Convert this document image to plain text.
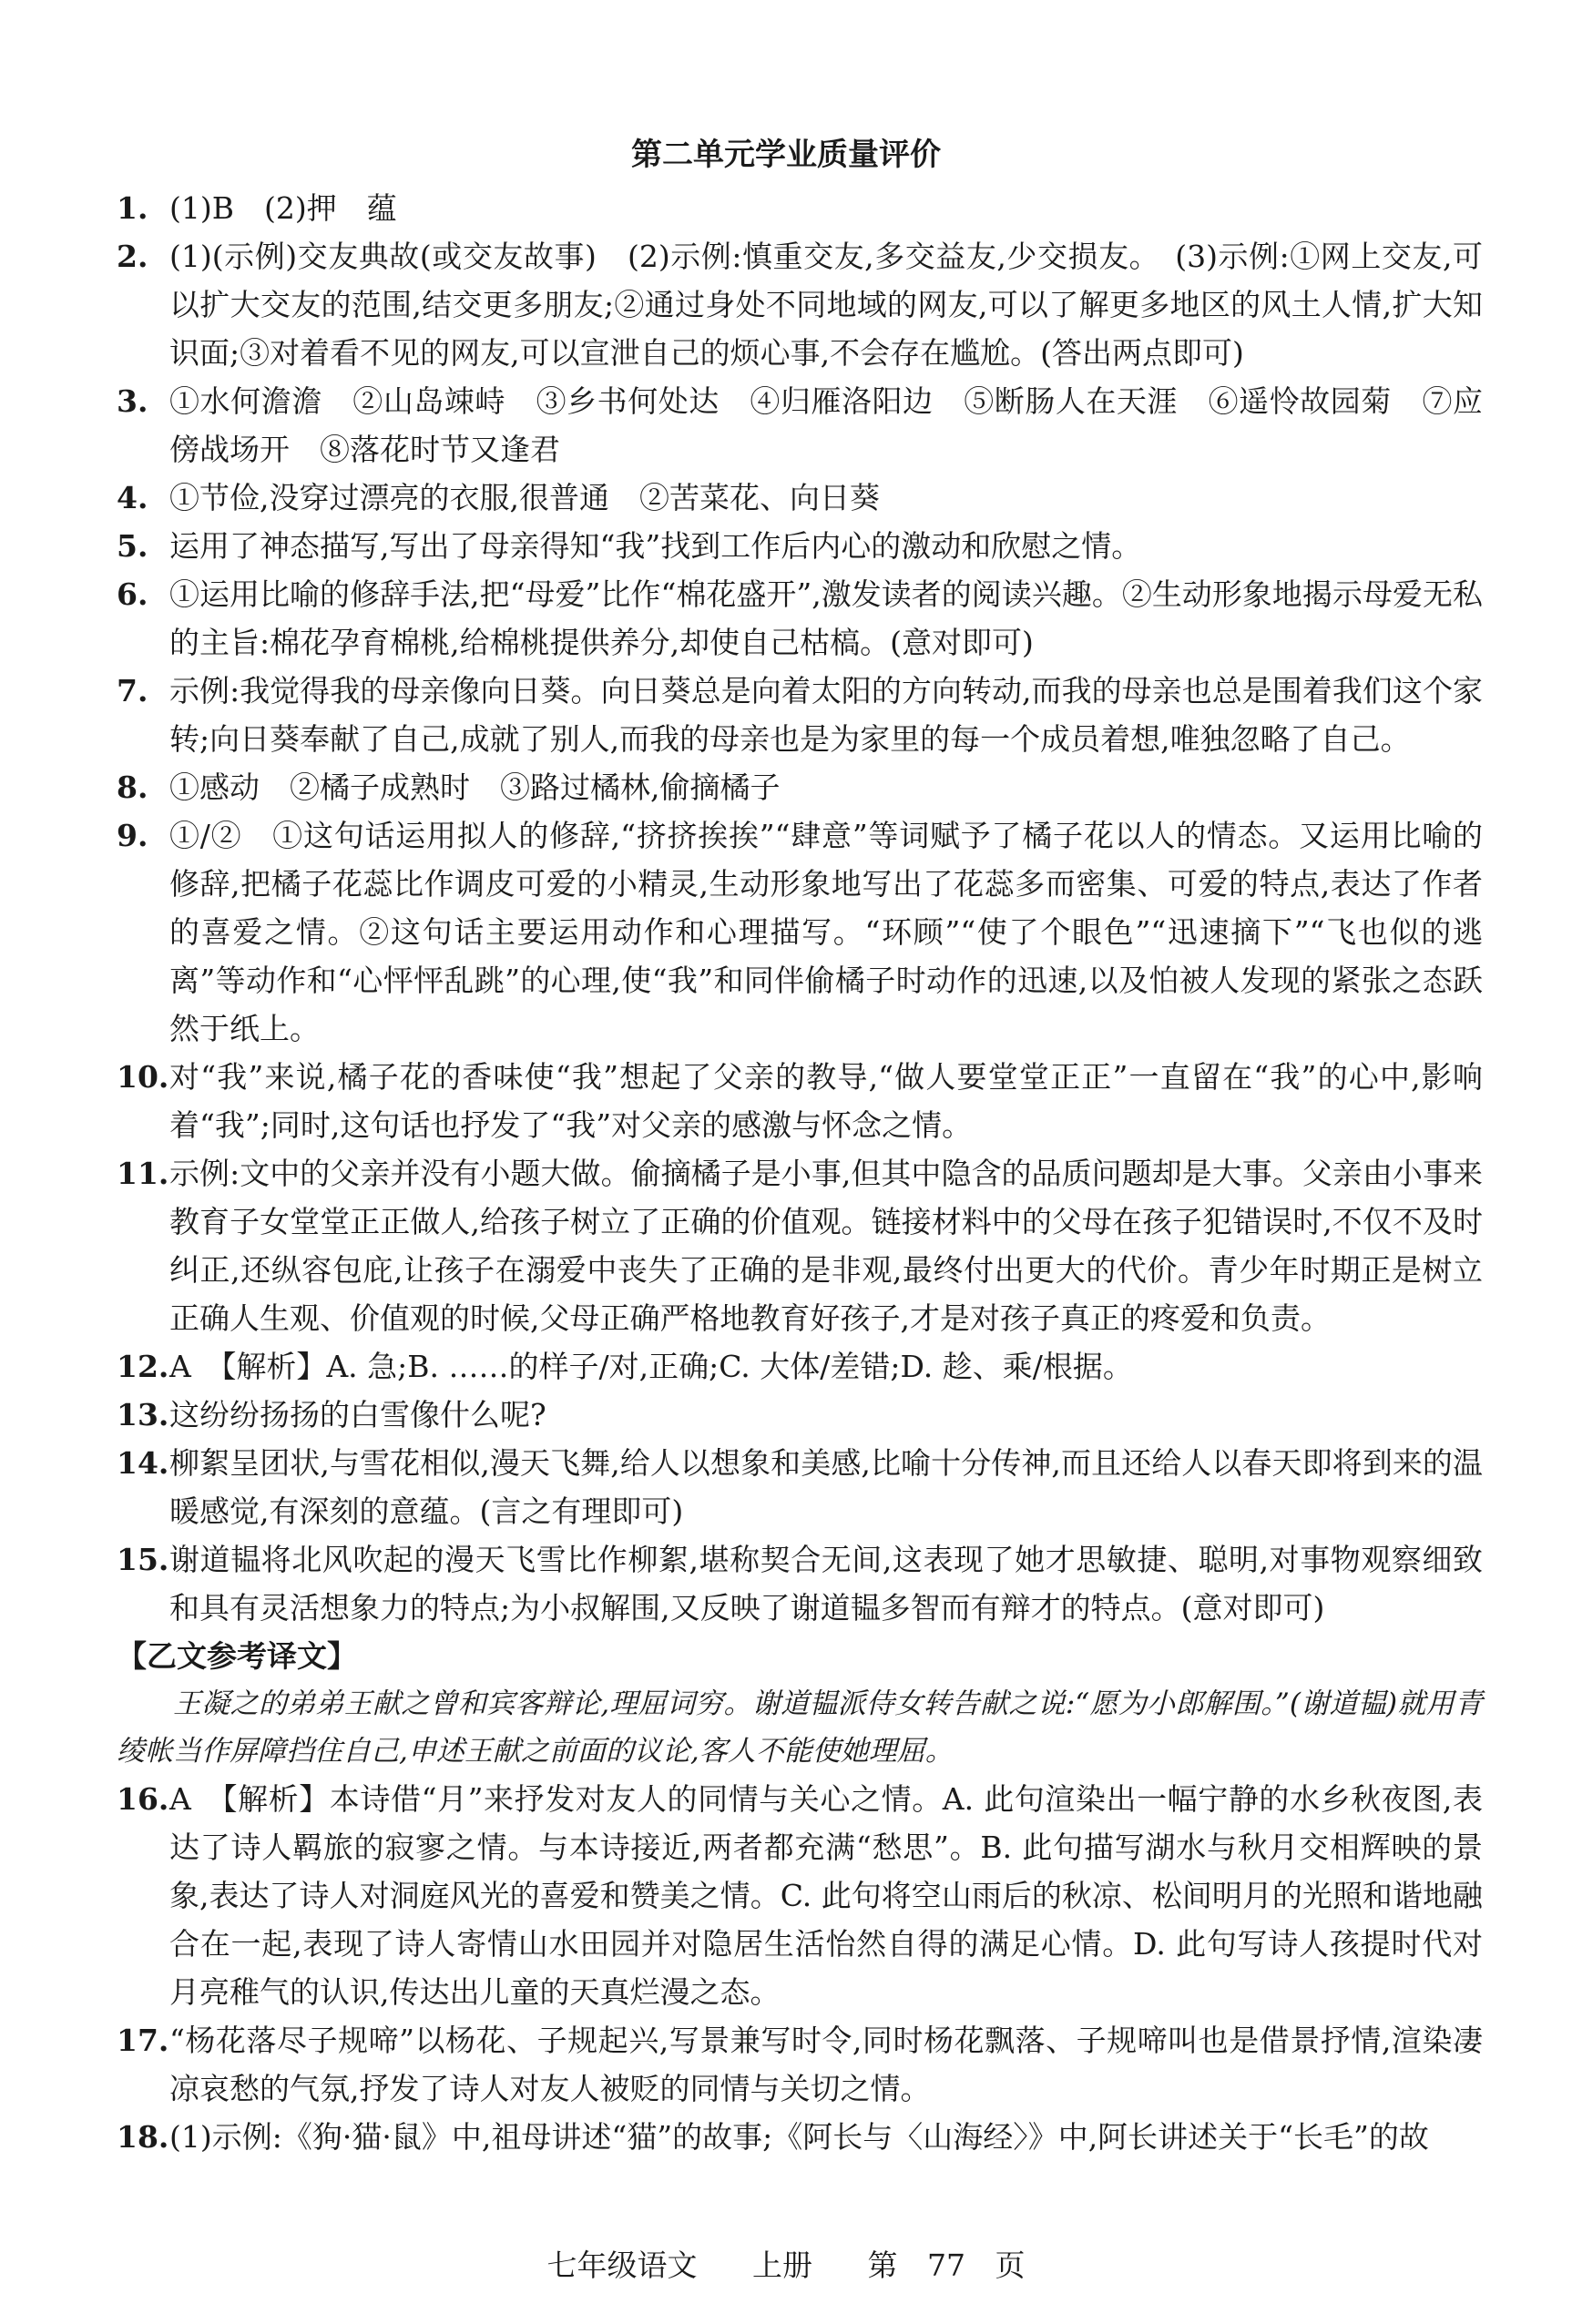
第二单元学业质量评价
1. (1)B　(2)押　蕴
2. (1)(示例)交友典故(或交友故事)　(2)示例:慎重交友,多交益友,少交损友。　(3)示例:①网上交友,可以扩大交友的范围,结交更多朋友;②通过身处不同地域的网友,可以了解更多地区的风土人情,扩大知识面;③对着看不见的网友,可以宣泄自己的烦心事,不会存在尴尬。(答出两点即可)
3. ①水何澹澹　②山岛竦峙　③乡书何处达　④归雁洛阳边　⑤断肠人在天涯　⑥遥怜故园菊　⑦应傍战场开　⑧落花时节又逢君
4. ①节俭,没穿过漂亮的衣服,很普通　②苦菜花、向日葵
5. 运用了神态描写,写出了母亲得知“我”找到工作后内心的激动和欣慰之情。
6. ①运用比喻的修辞手法,把“母爱”比作“棉花盛开”,激发读者的阅读兴趣。②生动形象地揭示母爱无私的主旨:棉花孕育棉桃,给棉桃提供养分,却使自己枯槁。(意对即可)
7. 示例:我觉得我的母亲像向日葵。向日葵总是向着太阳的方向转动,而我的母亲也总是围着我们这个家转;向日葵奉献了自己,成就了别人,而我的母亲也是为家里的每一个成员着想,唯独忽略了自己。
8. ①感动　②橘子成熟时　③路过橘林,偷摘橘子
9. ①/②　①这句话运用拟人的修辞,“挤挤挨挨”“肆意”等词赋予了橘子花以人的情态。又运用比喻的修辞,把橘子花蕊比作调皮可爱的小精灵,生动形象地写出了花蕊多而密集、可爱的特点,表达了作者的喜爱之情。②这句话主要运用动作和心理描写。“环顾”“使了个眼色”“迅速摘下”“飞也似的逃离”等动作和“心怦怦乱跳”的心理,使“我”和同伴偷橘子时动作的迅速,以及怕被人发现的紧张之态跃然于纸上。
10. 对“我”来说,橘子花的香味使“我”想起了父亲的教导,“做人要堂堂正正”一直留在“我”的心中,影响着“我”;同时,这句话也抒发了“我”对父亲的感激与怀念之情。
11. 示例:文中的父亲并没有小题大做。偷摘橘子是小事,但其中隐含的品质问题却是大事。父亲由小事来教育子女堂堂正正做人,给孩子树立了正确的价值观。链接材料中的父母在孩子犯错误时,不仅不及时纠正,还纵容包庇,让孩子在溺爱中丧失了正确的是非观,最终付出更大的代价。青少年时期正是树立正确人生观、价值观的时候,父母正确严格地教育好孩子,才是对孩子真正的疼爱和负责。
12. A　【解析】A. 急;B. ……的样子/对,正确;C. 大体/差错;D. 趁、乘/根据。
13. 这纷纷扬扬的白雪像什么呢?
14. 柳絮呈团状,与雪花相似,漫天飞舞,给人以想象和美感,比喻十分传神,而且还给人以春天即将到来的温暖感觉,有深刻的意蕴。(言之有理即可)
15. 谢道韫将北风吹起的漫天飞雪比作柳絮,堪称契合无间,这表现了她才思敏捷、聪明,对事物观察细致和具有灵活想象力的特点;为小叔解围,又反映了谢道韫多智而有辩才的特点。(意对即可)
【乙文参考译文】
王凝之的弟弟王献之曾和宾客辩论,理屈词穷。谢道韫派侍女转告献之说:“愿为小郎解围。”(谢道韫)就用青绫帐当作屏障挡住自己,申述王献之前面的议论,客人不能使她理屈。
16. A　【解析】本诗借“月”来抒发对友人的同情与关心之情。A. 此句渲染出一幅宁静的水乡秋夜图,表达了诗人羁旅的寂寥之情。与本诗接近,两者都充满“愁思”。B. 此句描写湖水与秋月交相辉映的景象,表达了诗人对洞庭风光的喜爱和赞美之情。C. 此句将空山雨后的秋凉、松间明月的光照和谐地融合在一起,表现了诗人寄情山水田园并对隐居生活怡然自得的满足心情。D. 此句写诗人孩提时代对月亮稚气的认识,传达出儿童的天真烂漫之态。
17. “杨花落尽子规啼”以杨花、子规起兴,写景兼写时令,同时杨花飘落、子规啼叫也是借景抒情,渲染凄凉哀愁的气氛,抒发了诗人对友人被贬的同情与关切之情。
18. (1)示例:《狗·猫·鼠》中,祖母讲述“猫”的故事;《阿长与〈山海经〉》中,阿长讲述关于“长毛”的故
七年级语文 上册 第 77 页
